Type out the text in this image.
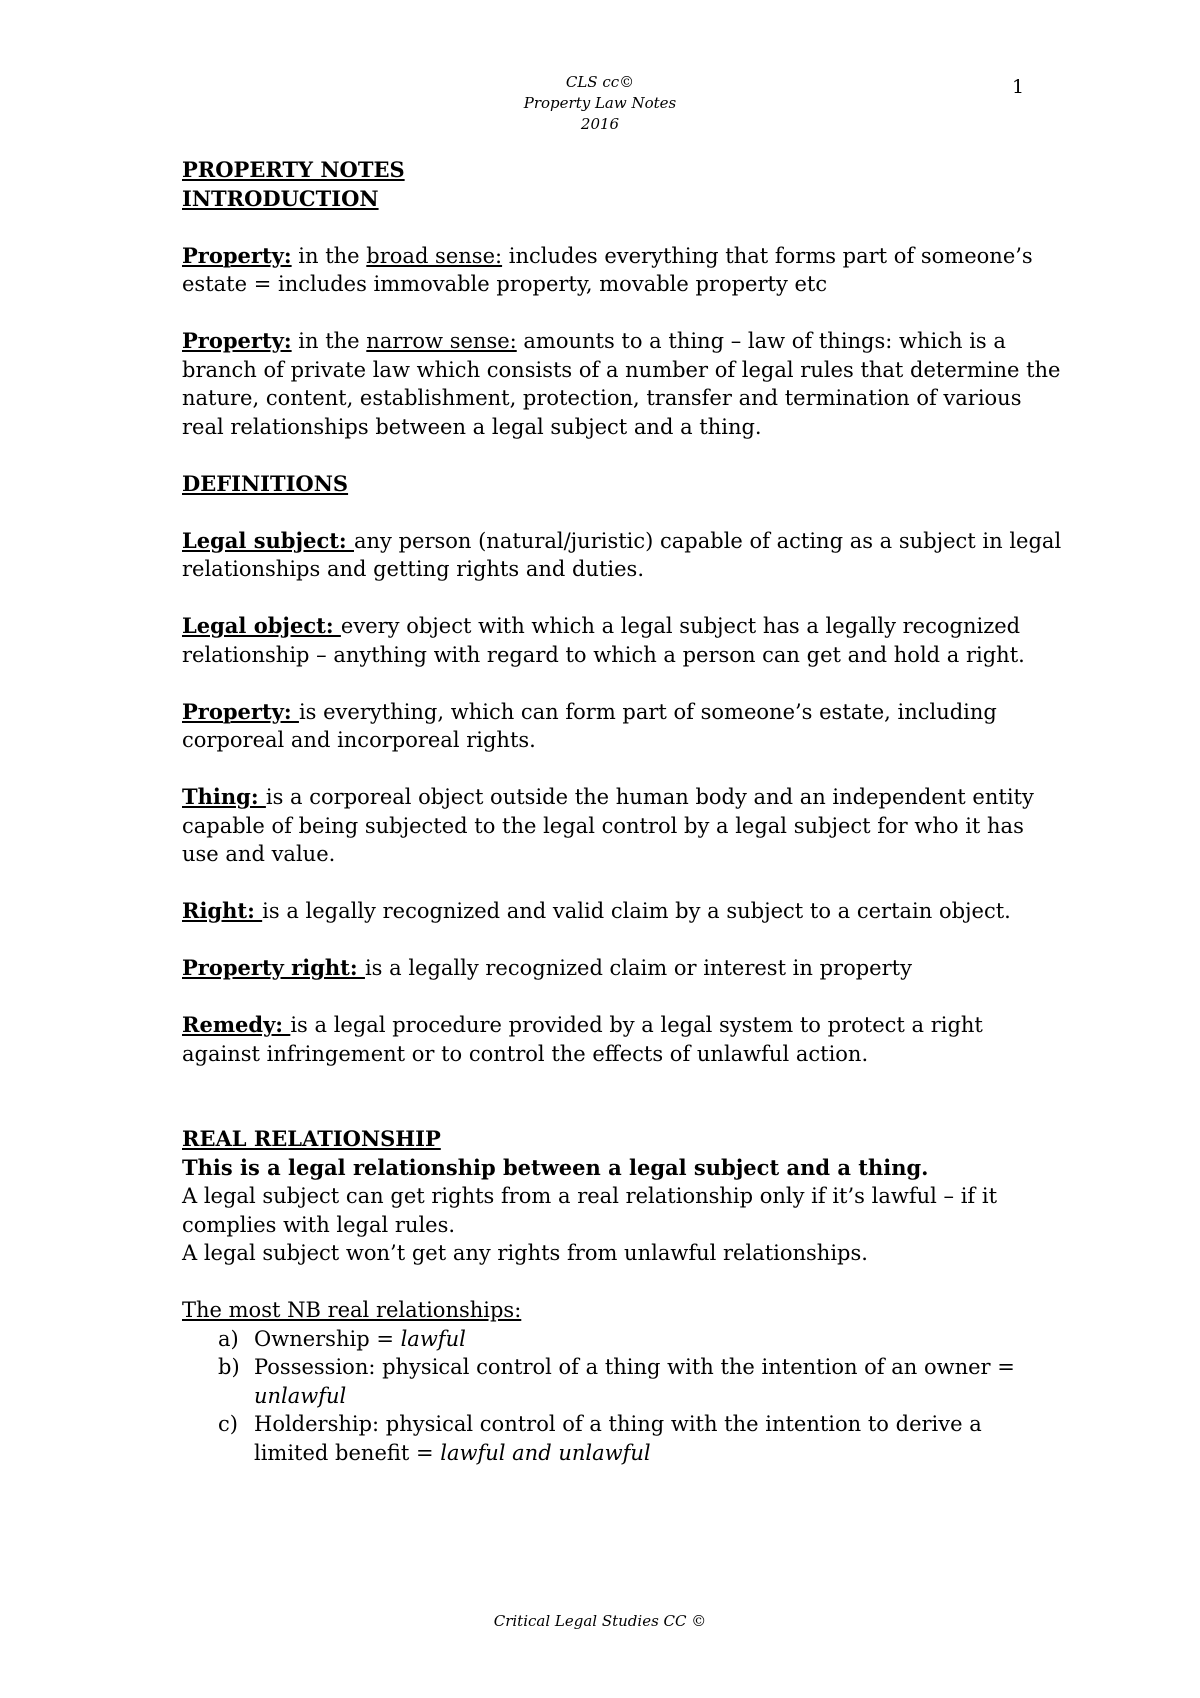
CLS cc©
Property Law Notes
2016
1

PROPERTY NOTES

INTRODUCTION

Property: in the broad sense: includes everything that forms part of someone’s estate = includes immovable property, movable property etc

Property: in the narrow sense: amounts to a thing – law of things: which is a branch of private law which consists of a number of legal rules that determine the nature, content, establishment, protection, transfer and termination of various real relationships between a legal subject and a thing.

DEFINITIONS

Legal subject: any person (natural/juristic) capable of acting as a subject in legal relationships and getting rights and duties.

Legal object: every object with which a legal subject has a legally recognized relationship – anything with regard to which a person can get and hold a right.

Property: is everything, which can form part of someone’s estate, including corporeal and incorporeal rights.

Thing: is a corporeal object outside the human body and an independent entity capable of being subjected to the legal control by a legal subject for who it has use and value.

Right: is a legally recognized and valid claim by a subject to a certain object.

Property right: is a legally recognized claim or interest in property

Remedy: is a legal procedure provided by a legal system to protect a right against infringement or to control the effects of unlawful action.

REAL RELATIONSHIP

This is a legal relationship between a legal subject and a thing.

A legal subject can get rights from a real relationship only if it’s lawful – if it complies with legal rules.

A legal subject won’t get any rights from unlawful relationships.

The most NB real relationships:

a) Ownership = lawful
b) Possession: physical control of a thing with the intention of an owner = unlawful
c) Holdership: physical control of a thing with the intention to derive a limited benefit = lawful and unlawful
Critical Legal Studies CC ©
